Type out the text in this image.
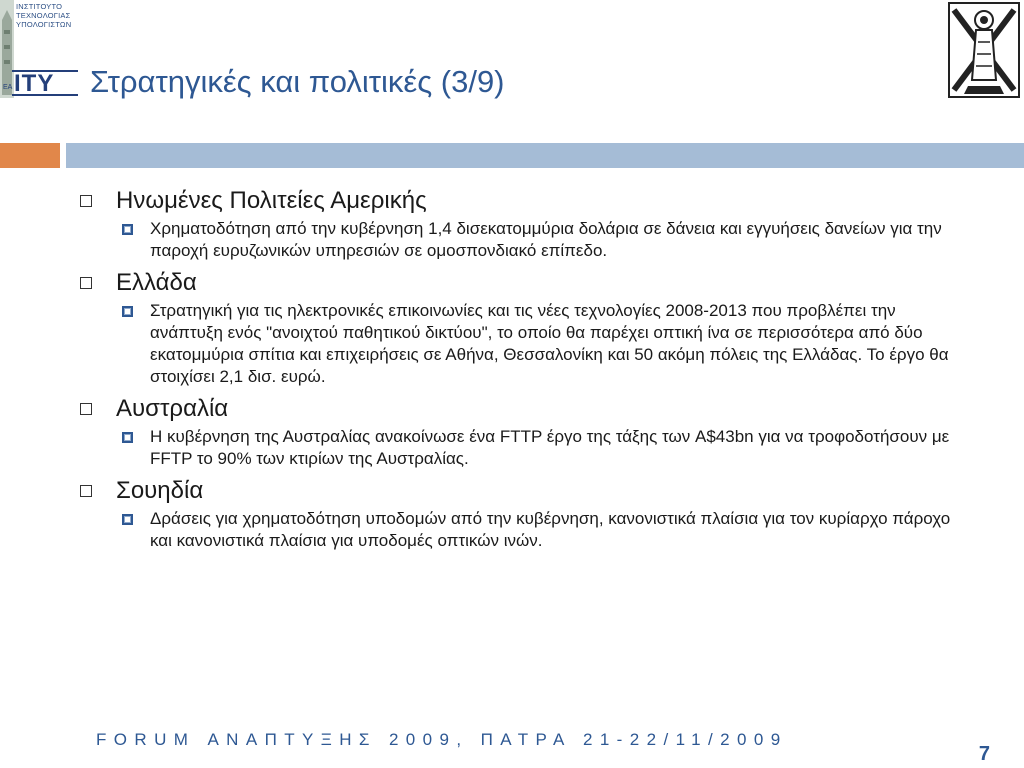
ΙΝΣΤΙΤΟΥΤΟ
ΤΕΧΝΟΛΟΓΙΑΣ
ΥΠΟΛΟΓΙΣΤΩΝ
ΕΑ ΙΤΥ Στρατηγικές και πολιτικές (3/9)
Ηνωμένες Πολιτείες Αμερικής
Χρηματοδότηση από την κυβέρνηση 1,4 δισεκατομμύρια δολάρια σε δάνεια και εγγυήσεις δανείων για την παροχή ευρυζωνικών υπηρεσιών σε ομοσπονδιακό επίπεδο.
Ελλάδα
Στρατηγική για τις ηλεκτρονικές επικοινωνίες και τις νέες τεχνολογίες 2008-2013 που προβλέπει την ανάπτυξη ενός "ανοιχτού παθητικού δικτύου", το οποίο θα παρέχει οπτική ίνα σε περισσότερα από δύο εκατομμύρια σπίτια και επιχειρήσεις σε Αθήνα, Θεσσαλονίκη και 50 ακόμη πόλεις της Ελλάδας. Το έργο θα στοιχίσει 2,1 δισ. ευρώ.
Αυστραλία
Η κυβέρνηση της Αυστραλίας ανακοίνωσε ένα FTTP έργο της τάξης των A$43bn για να τροφοδοτήσουν με FFTP το 90% των κτιρίων της Αυστραλίας.
Σουηδία
Δράσεις για χρηματοδότηση υποδομών από την κυβέρνηση, κανονιστικά πλαίσια για τον κυρίαρχο πάροχο και κανονιστικά πλαίσια για υποδομές οπτικών ινών.
FORUM ΑΝΑΠΤΥΞΗΣ 2009, ΠΑΤΡΑ 21-22/11/2009
7
